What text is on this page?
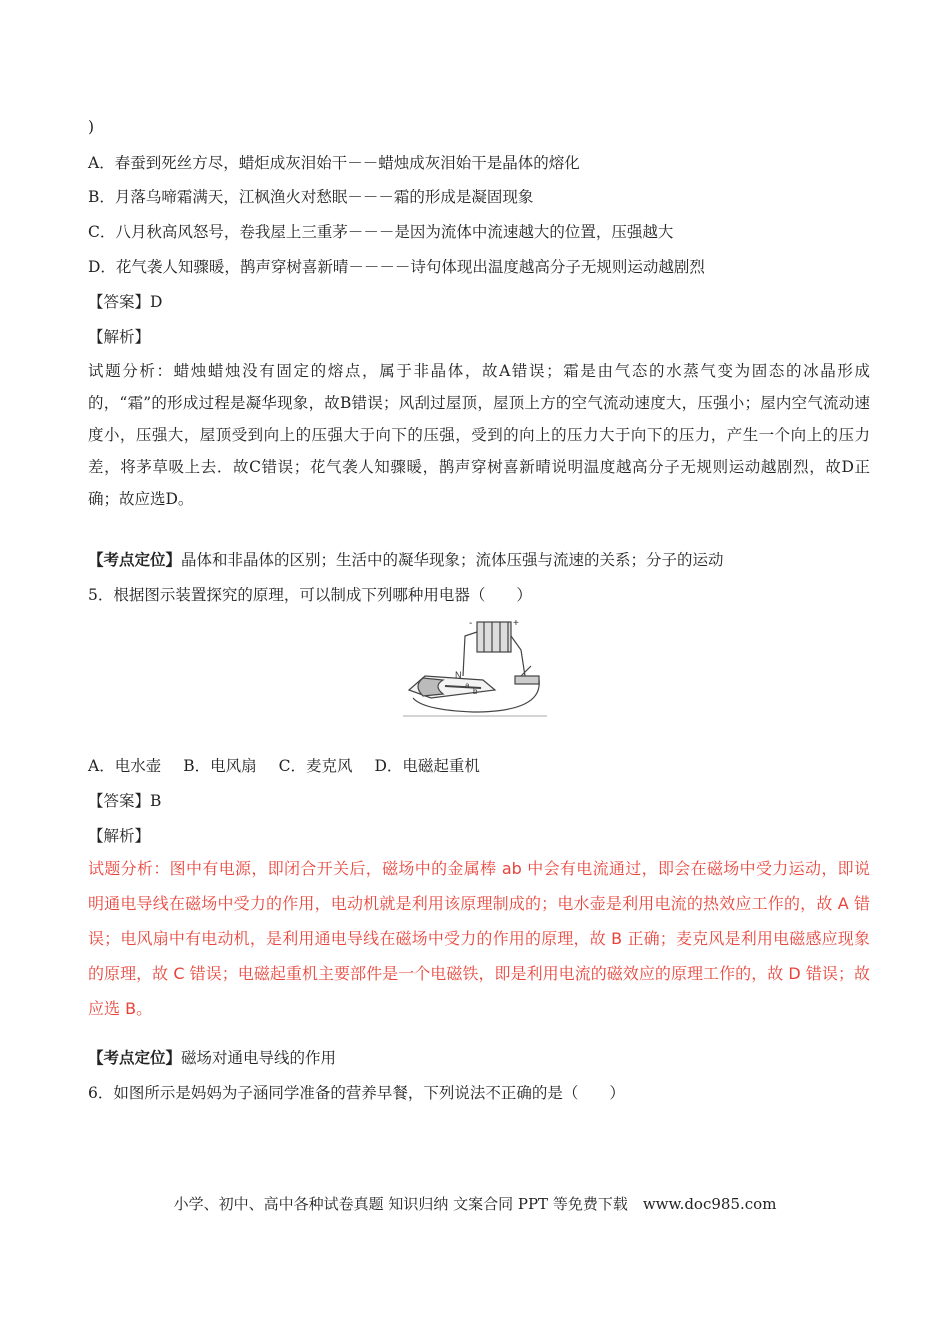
)
A．春蚕到死丝方尽，蜡炬成灰泪始干－－蜡烛成灰泪始干是晶体的熔化
B．月落乌啼霜满天，江枫渔火对愁眠－－－霜的形成是凝固现象
C．八月秋高风怒号，卷我屋上三重茅－－－是因为流体中流速越大的位置，压强越大
D．花气袭人知骤暖，鹊声穿树喜新晴－－－－诗句体现出温度越高分子无规则运动越剧烈
【答案】D
【解析】
试题分析：蜡烛蜡烛没有固定的熔点，属于非晶体，故A错误；霜是由气态的水蒸气变为固态的冰晶形成的，“霜”的形成过程是凝华现象，故B错误；风刮过屋顶，屋顶上方的空气流动速度大，压强小；屋内空气流动速度小，压强大，屋顶受到向上的压强大于向下的压强，受到的向上的压力大于向下的压力，产生一个向上的压力差，将茅草吸上去．故C错误；花气袭人知骤暖，鹊声穿树喜新晴说明温度越高分子无规则运动越剧烈，故D正确；故应选D。
【考点定位】晶体和非晶体的区别；生活中的凝华现象；流体压强与流速的关系；分子的运动
5．根据图示装置探究的原理，可以制成下列哪种用电器（　　）
N
a
b
-	+
A．电水壶 B．电风扇 C．麦克风 D．电磁起重机
【答案】B
【解析】
试题分析：图中有电源，即闭合开关后，磁场中的金属棒 ab 中会有电流通过，即会在磁场中受力运动，即说明通电导线在磁场中受力的作用，电动机就是利用该原理制成的；电水壶是利用电流的热效应工作的，故 A 错误；电风扇中有电动机，是利用通电导线在磁场中受力的作用的原理，故 B 正确；麦克风是利用电磁感应现象的原理，故 C 错误；电磁起重机主要部件是一个电磁铁，即是利用电流的磁效应的原理工作的，故 D 错误；故应选 B。
【考点定位】磁场对通电导线的作用
6．如图所示是妈妈为子涵同学准备的营养早餐，下列说法不正确的是（　　）
小学、初中、高中各种试卷真题 知识归纳 文案合同 PPT 等免费下载　www.doc985.com
